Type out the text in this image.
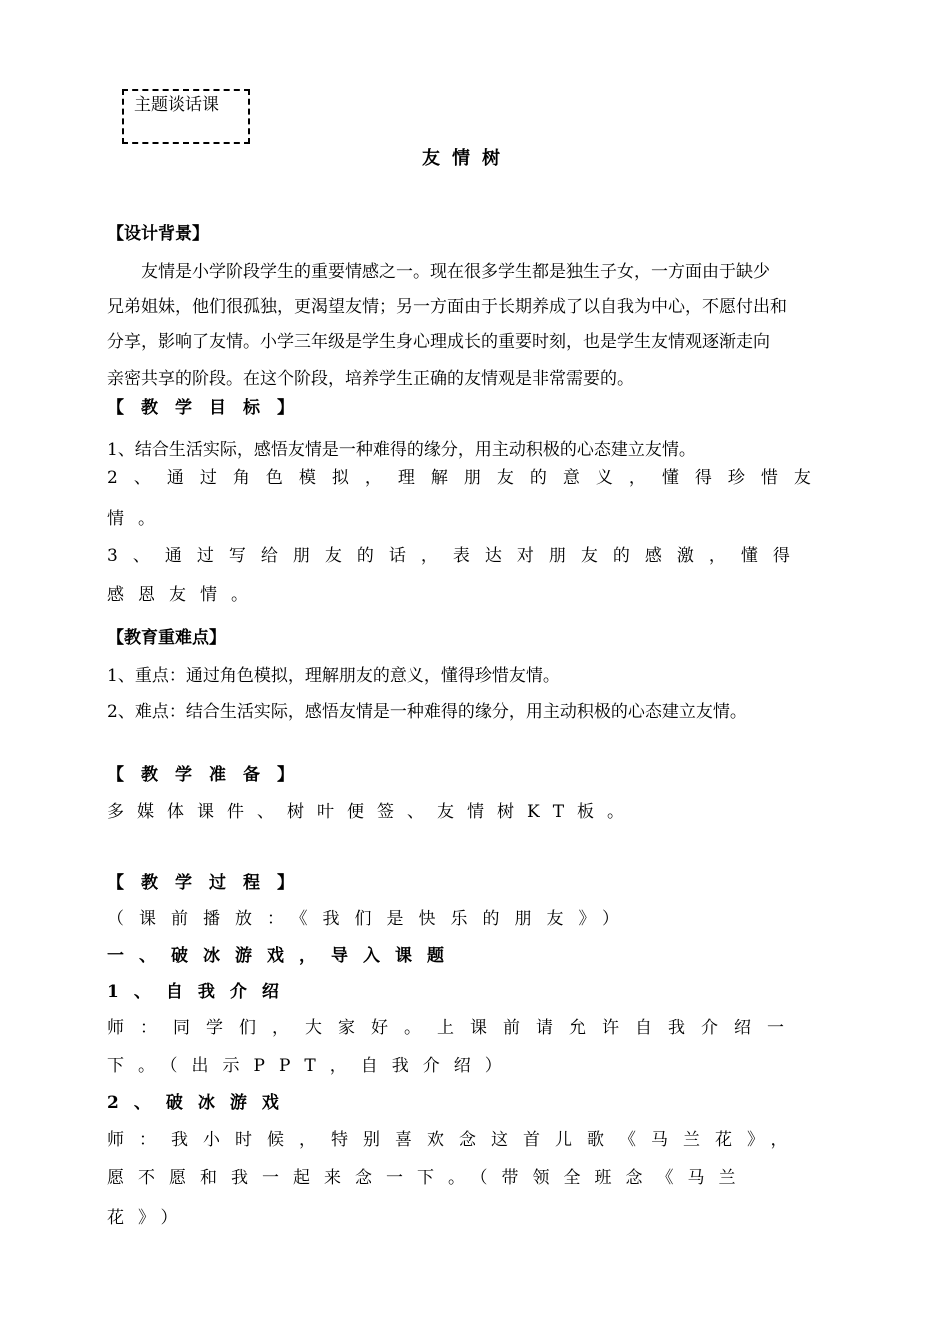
主题谈话课
友情树
【设计背景】
友情是小学阶段学生的重要情感之一。现在很多学生都是独生子女，一方面由于缺少
兄弟姐妹，他们很孤独，更渴望友情；另一方面由于长期养成了以自我为中心，不愿付出和
分享，影响了友情。小学三年级是学生身心理成长的重要时刻，也是学生友情观逐渐走向
亲密共享的阶段。在这个阶段，培养学生正确的友情观是非常需要的。
【教学目标】
1、结合生活实际，感悟友情是一种难得的缘分，用主动积极的心态建立友情。
2、通过角色模拟，理解朋友的意义，懂得珍惜友
情。
3、通过写给朋友的话，表达对朋友的感激，懂得
感恩友情。
【教育重难点】
1、重点：通过角色模拟，理解朋友的意义，懂得珍惜友情。
2、难点：结合生活实际，感悟友情是一种难得的缘分，用主动积极的心态建立友情。
【教学准备】
多媒体课件、树叶便签、友情树KT板。
【教学过程】
（课前播放：《我们是快乐的朋友》）
一、破冰游戏，导入课题
1、自我介绍
师：同学们，大家好。上课前请允许自我介绍一
下。（出示PPT，自我介绍）
2、破冰游戏
师：我小时候，特别喜欢念这首儿歌《马兰花》，
愿不愿和我一起来念一下。（带领全班念《马兰
花》）
